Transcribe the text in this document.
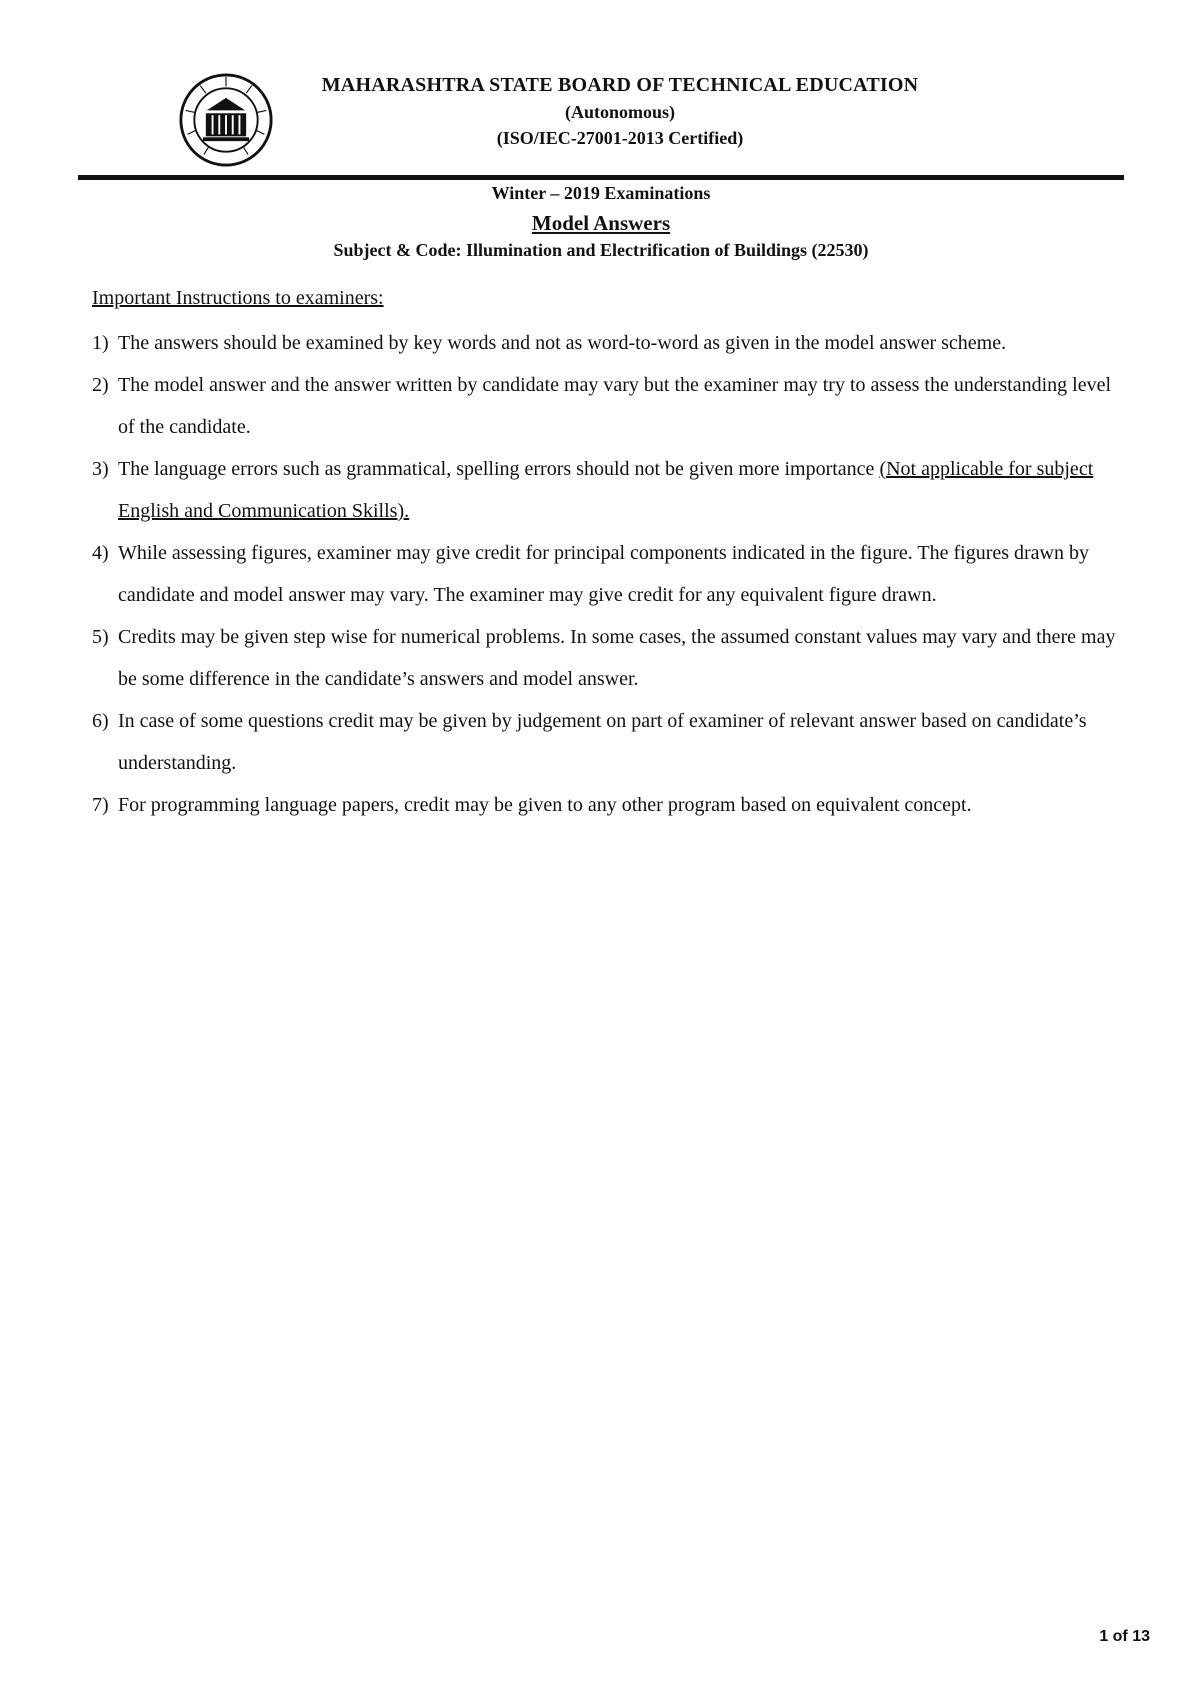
MAHARASHTRA STATE BOARD OF TECHNICAL EDUCATION
(Autonomous)
(ISO/IEC-27001-2013 Certified)
Winter – 2019 Examinations
Model Answers
Subject & Code: Illumination and Electrification of Buildings (22530)
Important Instructions to examiners:
1) The answers should be examined by key words and not as word-to-word as given in the model answer scheme.
2) The model answer and the answer written by candidate may vary but the examiner may try to assess the understanding level of the candidate.
3) The language errors such as grammatical, spelling errors should not be given more importance (Not applicable for subject English and Communication Skills).
4) While assessing figures, examiner may give credit for principal components indicated in the figure. The figures drawn by candidate and model answer may vary. The examiner may give credit for any equivalent figure drawn.
5) Credits may be given step wise for numerical problems. In some cases, the assumed constant values may vary and there may be some difference in the candidate’s answers and model answer.
6) In case of some questions credit may be given by judgement on part of examiner of relevant answer based on candidate’s understanding.
7) For programming language papers, credit may be given to any other program based on equivalent concept.
1 of 13
